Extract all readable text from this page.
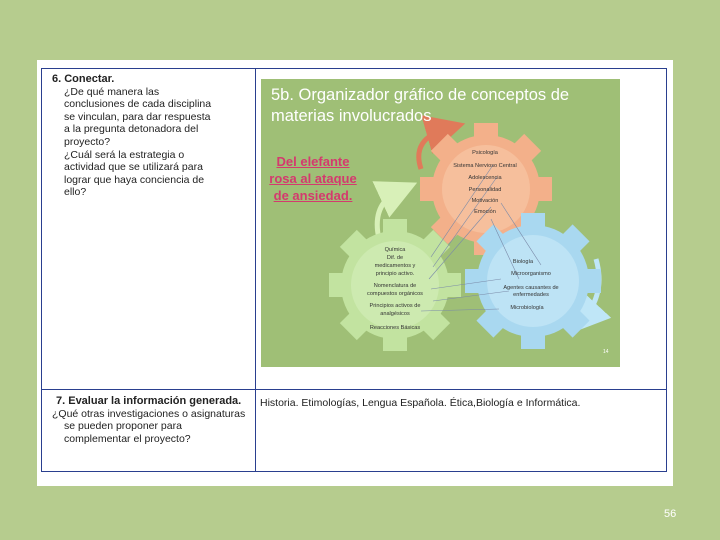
6. Conectar.
¿De qué manera las
conclusiones de cada disciplina
se vinculan, para dar respuesta
a la pregunta detonadora del
proyecto?
¿Cuál será la estrategia o
actividad que se utilizará para
lograr que haya conciencia de
ello?
Psicología
Sistema Nervioso Central
Adolescencia
Personalidad
Motivación
Emoción
Química
Dif. de
medicamentos y
principio activo.
Nomenclatura de
compuestos orgánicos
Principios activos de
analgésicos
Reacciones Básicas
Biología
Microorganismo
Agentes causantes de
enfermedades
Microbiología
5b. Organizador gráfico de conceptos de materias involucrados
Del elefante
rosa al ataque
de ansiedad.
14
7. Evaluar la información generada.
¿Qué otras investigaciones o asignaturas
se pueden proponer para
complementar el proyecto?
Historia. Etimologías, Lengua Española. Ética,Biología e Informática.
56
